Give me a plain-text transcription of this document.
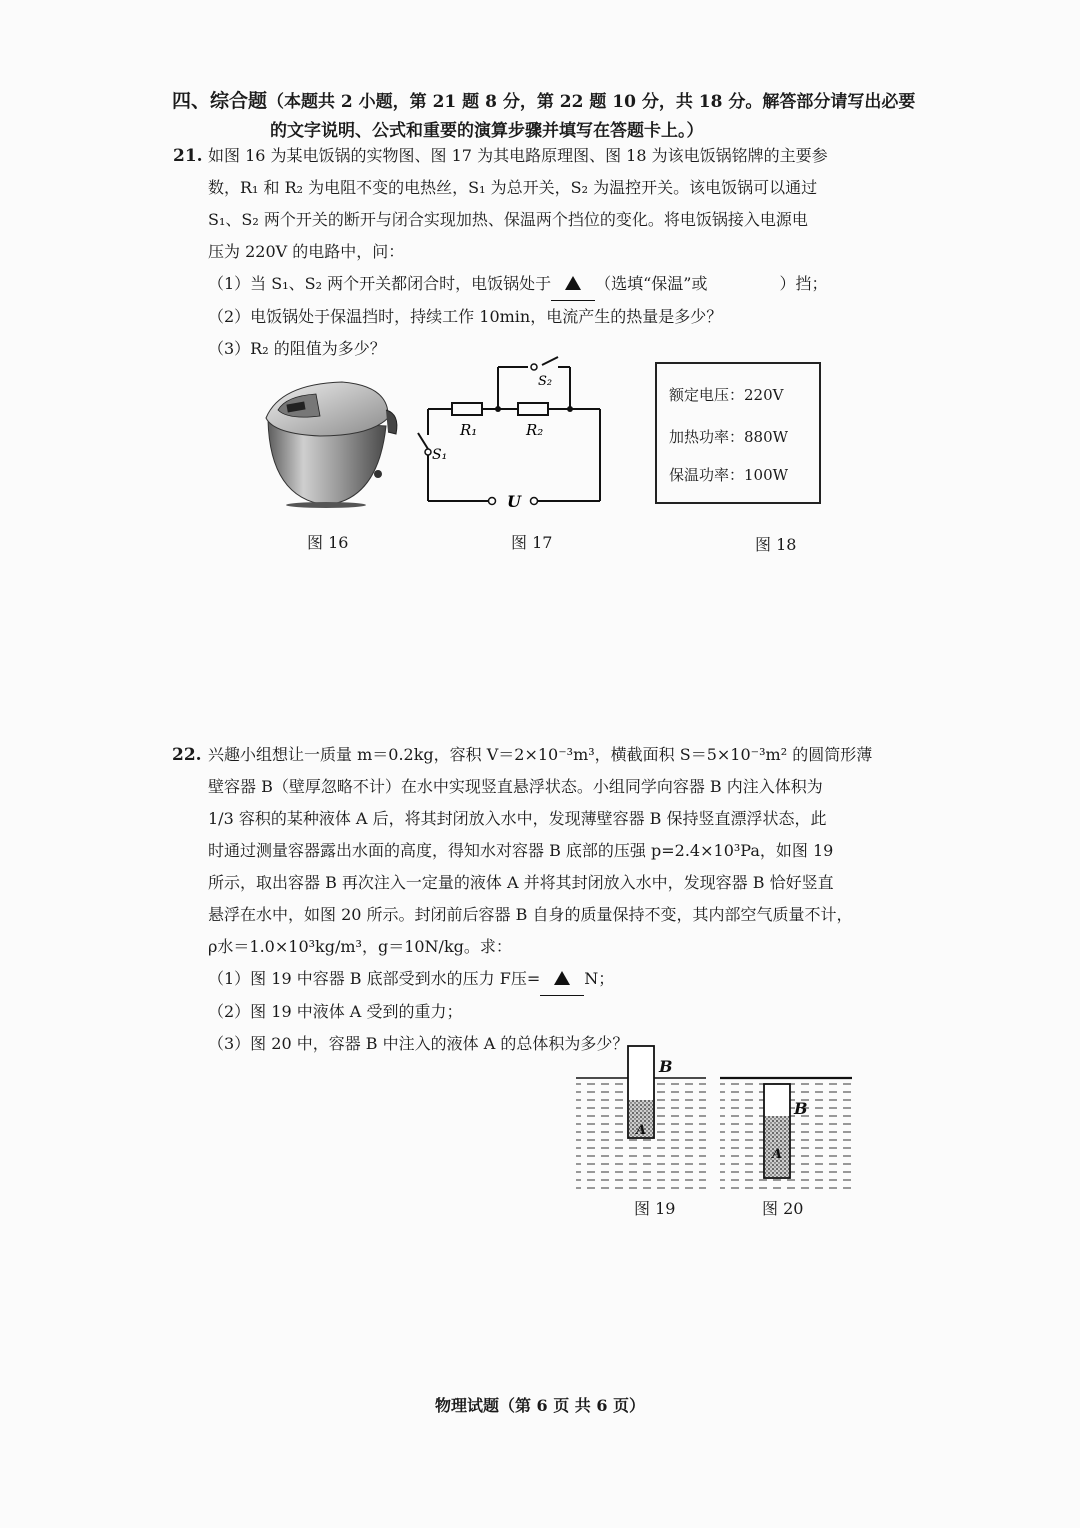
四、综合题（本题共 2 小题，第 21 题 8 分，第 22 题 10 分，共 18 分。解答部分请写出必要
的文字说明、公式和重要的演算步骤并填写在答题卡上。）
21. 如图 16 为某电饭锅的实物图、图 17 为其电路原理图、图 18 为该电饭锅铭牌的主要参
数，R₁ 和 R₂ 为电阻不变的电热丝，S₁ 为总开关，S₂ 为温控开关。该电饭锅可以通过
S₁、S₂ 两个开关的断开与闭合实现加热、保温两个挡位的变化。将电饭锅接入电源电
压为 220V 的电路中，问：
（1）当 S₁、S₂ 两个开关都闭合时，电饭锅处于	（选填“保温”或	）挡；
（2）电饭锅处于保温挡时，持续工作 10min，电流产生的热量是多少？
（3）R₂ 的阻值为多少？
图 16
S₂
R₁	R₂
S₁
U
图 17
额定电压：220V
加热功率：880W
保温功率：100W
图 18
22. 兴趣小组想让一质量 m＝0.2kg，容积 V＝2×10⁻³m³，横截面积 S＝5×10⁻³m² 的圆筒形薄
壁容器 B（壁厚忽略不计）在水中实现竖直悬浮状态。小组同学向容器 B 内注入体积为
1/3 容积的某种液体 A 后，将其封闭放入水中，发现薄壁容器 B 保持竖直漂浮状态，此
时通过测量容器露出水面的高度，得知水对容器 B 底部的压强 p=2.4×10³Pa，如图 19
所示，取出容器 B 再次注入一定量的液体 A 并将其封闭放入水中，发现容器 B 恰好竖直
悬浮在水中，如图 20 所示。封闭前后容器 B 自身的质量保持不变，其内部空气质量不计，
ρ水＝1.0×10³kg/m³，g＝10N/kg。求：
（1）图 19 中容器 B 底部受到水的压力 F压=	N；
（2）图 19 中液体 A 受到的重力；
（3）图 20 中，容器 B 中注入的液体 A 的总体积为多少？
A
B
图 19
A
B
图 20
物理试题（第 6 页 共 6 页）
